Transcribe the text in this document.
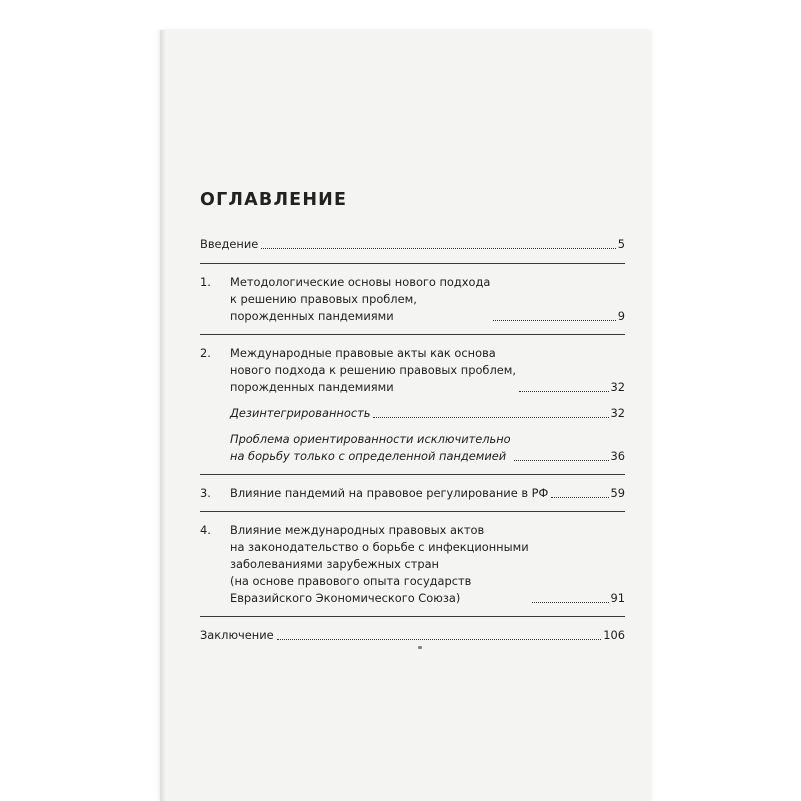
ОГЛАВЛЕНИЕ
Введение	5
1.	Методологические основы нового подхода
к решению правовых проблем,
порожденных пандемиями	9
2.	Международные правовые акты как основа
нового подхода к решению правовых проблем,
порожденных пандемиями	32
Дезинтегрированность	32
Проблема ориентированности исключительно
на борьбу только с определенной пандемией	36
3.	Влияние пандемий на правовое регулирование в РФ	59
4.	Влияние международных правовых актов
на законодательство о борьбе с инфекционными
заболеваниями зарубежных стран
(на основе правового опыта государств
Евразийского Экономического Союза)	91
Заключение	106
